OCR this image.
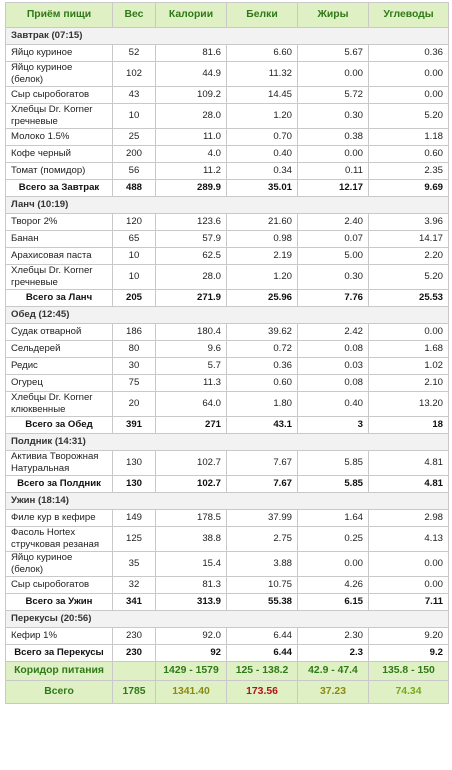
Приём пищи	Вес	Калории	Белки	Жиры	Углеводы
Завтрак (07:15)					
Яйцо куриное	52	81.6	6.60	5.67	0.36
Яйцо куриное (белок)	102	44.9	11.32	0.00	0.00
Сыр сыробогатов	43	109.2	14.45	5.72	0.00
Хлебцы Dr. Korner гречневые	10	28.0	1.20	0.30	5.20
Молоко 1.5%	25	11.0	0.70	0.38	1.18
Кофе черный	200	4.0	0.40	0.00	0.60
Томат (помидор)	56	11.2	0.34	0.11	2.35
Всего за Завтрак	488	289.9	35.01	12.17	9.69
Ланч (10:19)					
Творог 2%	120	123.6	21.60	2.40	3.96
Банан	65	57.9	0.98	0.07	14.17
Арахисовая паста	10	62.5	2.19	5.00	2.20
Хлебцы Dr. Korner гречневые	10	28.0	1.20	0.30	5.20
Всего за Ланч	205	271.9	25.96	7.76	25.53
Обед (12:45)					
Судак отварной	186	180.4	39.62	2.42	0.00
Сельдерей	80	9.6	0.72	0.08	1.68
Редис	30	5.7	0.36	0.03	1.02
Огурец	75	11.3	0.60	0.08	2.10
Хлебцы Dr. Korner клюквенные	20	64.0	1.80	0.40	13.20
Всего за Обед	391	271	43.1	3	18
Полдник (14:31)					
Активиа Творожная Натуральная	130	102.7	7.67	5.85	4.81
Всего за Полдник	130	102.7	7.67	5.85	4.81
Ужин (18:14)					
Филе кур в кефире	149	178.5	37.99	1.64	2.98
Фасоль Hortex стручковая резаная	125	38.8	2.75	0.25	4.13
Яйцо куриное (белок)	35	15.4	3.88	0.00	0.00
Сыр сыробогатов	32	81.3	10.75	4.26	0.00
Всего за Ужин	341	313.9	55.38	6.15	7.11
Перекусы (20:56)					
Кефир 1%	230	92.0	6.44	2.30	9.20
Всего за Перекусы	230	92	6.44	2.3	9.2
Коридор питания		1429 - 1579	125 - 138.2	42.9 - 47.4	135.8 - 150
Всего	1785	1341.40	173.56	37.23	74.34
